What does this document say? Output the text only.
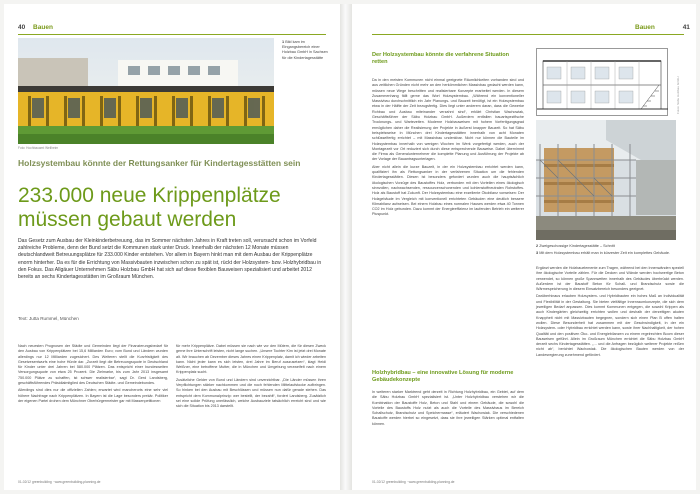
40 Bauen
Foto: Hochbauamt Weilheim
1 Bild kam im Eingangsbereich einer Holzbau GmbH in Sachsen für die Kindertagesstätte
Holzsystembau könnte der Rettungsanker für Kindertagesstätten sein
233.000 neue Krippenplätze müssen gebaut werden
Das Gesetz zum Ausbau der Kleinkinderbetreuung, das im Sommer nächsten Jahres in Kraft treten soll, verursacht schon im Vorfeld zahlreiche Probleme, denn der Bund setzt die Kommunen stark unter Druck. Innerhalb der nächsten 12 Monate müssen deutschlandweit Betreuungsplätze für 233.000 Kinder entstehen. Vor allem in Bayern hinkt man mit dem Ausbau der Krippenplätze enorm hinterher. Da es für die Errichtung von Massivbauten inzwischen schon zu spät ist, rückt der Holzsystem- bzw. Holzhybridbau in den Fokus. Das Allgäuer Unternehmen Säbu Holzbau GmbH hat sich auf diese flexiblen Bauweisen spezialisiert und arbeitet 2012 bereits an sechs Kindertagesstätten im Großraum München.
Text: Jutta Rummel, München

Nach neuesten Prognosen der Städte und Gemeinden liegt der Finanzierungsbedarf für den Ausbau von Krippenplätzen bei 15,6 Milliarden Euro; vom Bund und Ländern wurden allerdings nur 12 Milliarden zugesichert. Des Weiteren stellt die Kurzfristigkeit des Gesetzesentwurfs eine hohe Hürde dar. „Zurzeit liegt die Betreuungsquote in Deutschland für Kinder unter drei Jahren bei 580.000 Plätzen. Das entspricht einer bundesweiten Versorgungsquote von etwa 25 Prozent. Die Zielmarke, bis zum Jahr 2013 insgesamt 750.000 Plätze zu schaffen, ist schwer realisierbar“, sagt Dr. Gerd Landsberg, geschäftsführendes Präsidialmitglied des Deutschen Städte- und Gemeindebundes.

Allerdings sind dies nur die offiziellen Zahlen; erwartet wird mancherorts eine sehr viel höhere Nachfrage nach Krippenplätzen. In Bayern ist die Lage besonders prekär. Politiker der eigenen Partei drohen dem Münchner Oberbürgermeister gar mit Massenpetitionen

für mehr Krippenplätze. Dabei müssen sie nach wie vor den Mütern, die für diesen Zweck gerne ihre Unterschrift leisten, nicht lange suchen. „Unsere Tochter Kim ist jetzt drei Monate alt. Wir brauchen ab Dezember dieses Jahres einen Krippenplatz, damit ich wieder arbeiten kann. Nicht jeder kann es sich leisten, drei Jahre im Beruf auszusetzen“, klagt Heidi Weißner, eine betroffene Mutter, die in München und Umgebung verzweifelt nach einem Krippenplatz sucht.

Zusätzliche Gelder von Bund und Ländern sind unverzichtbar. „Die Länder müssen ihren Verpflichtungen stärker nachkommen und die noch fehlenden Mittelaufstocke aufbringen. So hinken bei den Ausbau mit Beschlüssen und müssen nun dafür gerade stehen. Das entspricht dem Kommunalprinzip: wer bestellt, der bezahlt“, fordert Landsberg. Zusätzlich sei eine solide Prüfung unerlässlich, welche Ausbauziele tatsächlich erreicht sind und wie sich die Situation bis 2013 darstellt.

01-02/12 greenbuilding · www.greenbuilding-planning.de
Bauen	41
Der Holzsystembau könnte die verfahrene Situation retten

Da in den meisten Kommunen nicht einmal geeignete Räumlichkeiten vorhanden sind und aus zeitlichen Gründen nicht mehr an den herkömmlichen Massivbau gedacht werden kann, müssen neue Wege beschritten und realisierbare Konzepte erarbeitet werden. In diesem Zusammenhang fällt gerne das Wort Holzsystembau. „Während ein konventioneller Massivbau durchschnittlich ein Jahr Planungs- und Bauzeit benötigt, ist ein Holzsystembau etwa in der Hälfte der Zeit bezugsfertig. Dies liegt unter anderem daran, dass die Gewerke Rohbau und Ausbau miteinander verzahnt sind“, erklärt Christian Wachowiak, Geschäftsführer der Säbu Holzbau GmbH. Außerdem entfallen bauartspezifische Trocknungs- und Wartezeiten. Moderne Holzbauweisen mit hohem Vorfertigungsgrad ermöglichen daher die Realisierung der Projekte in äußerst knapper Bauzeit. So hat Säbu beispielsweise in München drei Kindertagesstätten innerhalb von acht Monaten schlüsselfertig errichtet – mit Massivbau undenkbar. Nicht nur können die Bauteile im Holzsystembau innerhalb von wenigen Wochen im Werk vorgefertigt werden, auch der Montagezeit vor Ort reduziert sich durch diese entsprechende Bauweise. Dabei übernimmt die Firma als Generalunternehmer die komplette Planung und Ausführung der Projekte ab der Vorlage der Bauantragsunterlagen.

Aber nicht allein die kurze Bauzeit, in der ein Holzsystembau errichtet werden kann, qualifiziert ihn als Rettungsanker in der verfahrenen Situation um die fehlenden Kindertagesstätten. Diesen ist besonders gefordert wurden auch die hauptsächlich ökologischen Vorzüge des Baustoffes Holz, verbunden mit den Vorteilen eines ökologisch sinnvollen, nachwachsenden, ressourcenschonenden und kohlenstoffneutralen Rohstoffes. Holz als Baustoff hat Zukunft. Der Holzsystembau eine exzellente Ökobilanz vorweisen: Der Holzgebäude im Vergleich mit konventionell errichteten Gebäuden eine deutlich bessere Klimabilanz aufweisen. Bei einem Holzbau eines normalen Hauses werden etwa 40 Tonnen CO2 im Holz gebunden. Dazu kommt der Energieeffizienz im laufenden Betrieb ein weiterer Pluspunkt.

Holzhybridbau – eine innovative Lösung für moderne Gebäudekonzepte

In weiteren starker Marktrend geht derzeit in Richtung Holzhybridbau, ein Gebiet, auf dem die Säbu Holzbau GmbH spezialisiert ist. „Unter Holzhybridbau verstehen wir die Kombination der Baustoffe Holz, Beton und Stahl und einem Gebäude, die sowohl die Vorteile des Baustoffs Holz nutzt als auch die Vorteile des Massivbaus im Bereich Schallschutz, Brandschutz und Speichermasse“, erläutert Wachowiak. Die verschiedenen Baustoffe werden hierbei so eingesetzt, dass sie ihre jeweiligen Stärken optimal entfalten können.

Fotos: Säbu Holzbau GmbH
2 Zweigeschossige Kindertagesstätte – Schnitt
3 Mit dem Holzsystembau erhält man in kürzester Zeit ein komplettes Gebäude.

Ergänzt werden die Holzbauelemente zum Tragen, während bei den Innenwänden speziell ihre ökologische Vorteile zählen. Für die Decken und Wände werden hochwertige Beton verwendet, so können große Spannweiten innerhalb des Gebäudes überbrückt werden. Außerdem ist der Baustoff Beton für Schall- und Brandschutz sowie die Wärmespeicherung in diesem Einsatzbereich besonders geeignet.

Darüberhinaus erlauben Holzsystem- und Hybridbauten ein hohes Maß an Individualität und Flexibilität in der Gestaltung. Sie bieten vielfältige Innenraumkonzepte, die sich dem jeweiligen Bedarf anpassen. Dies kommt Kommunen entgegen, die sowohl Krippen als auch Kindergärten gleichzeitig errichten wollen und deshalb der derzeitigen akuten Knappheit nicht mit Massivbauten begegnen, sondern sich einen Plan B offen halten wollen. Diese Besonderheit hat zusammen mit der Geschwindigkeit, in der ein Holzsystem- oder Hybridbau errichtet werden kann, sowie ihrer Nachhaltigkeit, der hohen Qualität und den positiven Öko- und Energiebilanzen zu einem regelrechten Boom dieser Bauweisen geführt. Allein im Großraum München errichtet die Säbu Holzbau GmbH derzeit sechs Kindertagesstätten. „… und die Anfragen bezüglich weiterer Projekte reißen nicht ab“, berichtet Wachowiak. Die ökologischen Bauten werden von der Landesregierung zunehmend gefördert.

01-02/12 greenbuilding · www.greenbuilding-planning.de
